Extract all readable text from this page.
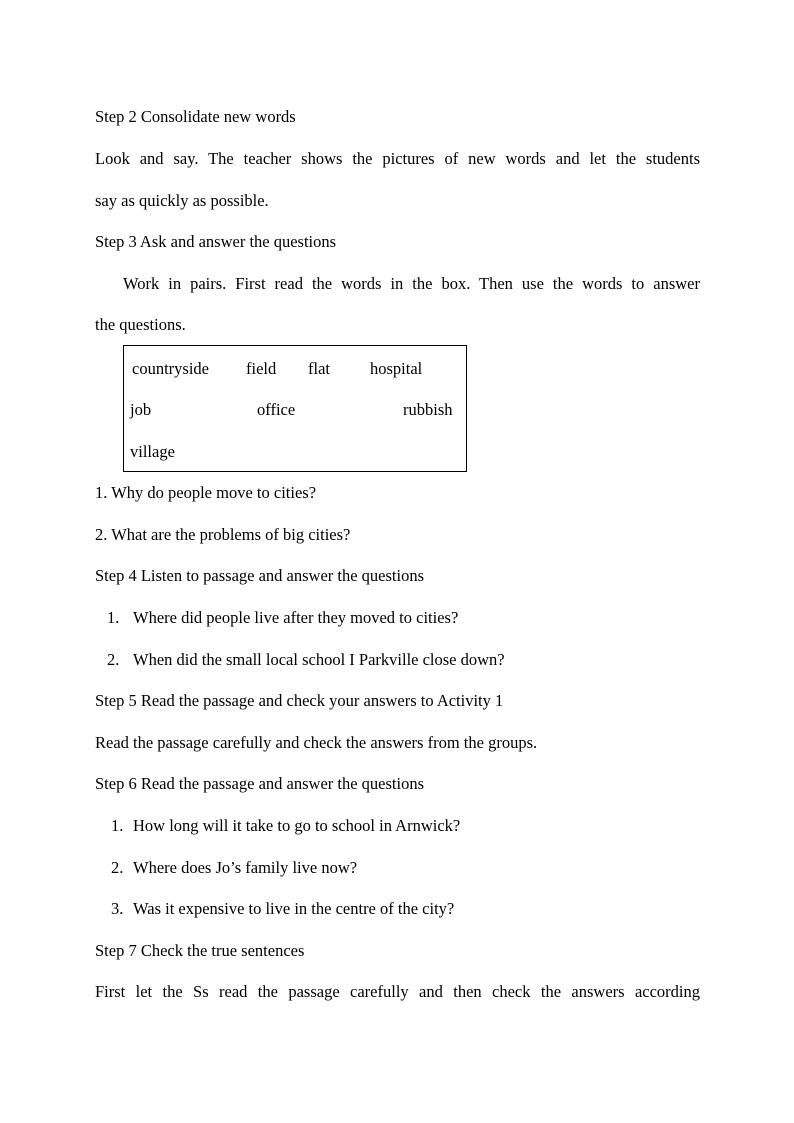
Step 2 Consolidate new words
Look and say. The teacher shows the pictures of new words and let the students
say as quickly as possible.
Step 3 Ask and answer the questions
Work in pairs. First read the words in the box. Then use the words to answer
the questions.
countryside field flat hospital
job	office	rubbish
village
1. Why do people move to cities?
2. What are the problems of big cities?
Step 4 Listen to passage and answer the questions
1. Where did people live after they moved to cities?
2. When did the small local school I Parkville close down?
Step 5 Read the passage and check your answers to Activity 1
Read the passage carefully and check the answers from the groups.
Step 6 Read the passage and answer the questions
1. How long will it take to go to school in Arnwick?
2. Where does Jo’s family live now?
3. Was it expensive to live in the centre of the city?
Step 7 Check the true sentences
First let the Ss read the passage carefully and then check the answers according
